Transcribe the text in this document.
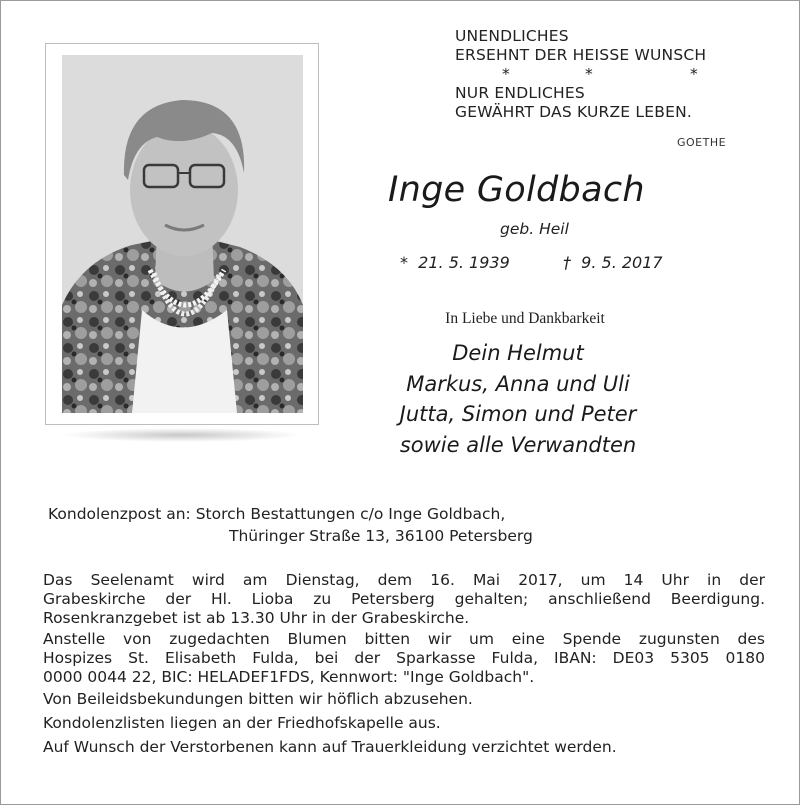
UNENDLICHES
ERSEHNT DER HEISSE WUNSCH
*	*	*
NUR ENDLICHES
GEWÄHRT DAS KURZE LEBEN.
GOETHE
Inge Goldbach
geb. Heil
* 21. 5. 1939	† 9. 5. 2017
In Liebe und Dankbarkeit
Dein Helmut
Markus, Anna und Uli
Jutta, Simon und Peter
sowie alle Verwandten
Kondolenzpost an: Storch Bestattungen c/o Inge Goldbach,
Thüringer Straße 13, 36100 Petersberg
Das Seelenamt wird am Dienstag, dem 16. Mai 2017, um 14 Uhr in der
Grabeskirche der Hl. Lioba zu Petersberg gehalten; anschließend Beerdigung.
Rosenkranzgebet ist ab 13.30 Uhr in der Grabeskirche.
Anstelle von zugedachten Blumen bitten wir um eine Spende zugunsten des
Hospizes St. Elisabeth Fulda, bei der Sparkasse Fulda, IBAN: DE03 5305 0180
0000 0044 22, BIC: HELADEF1FDS, Kennwort: "Inge Goldbach".
Von Beileidsbekundungen bitten wir höflich abzusehen.
Kondolenzlisten liegen an der Friedhofskapelle aus.
Auf Wunsch der Verstorbenen kann auf Trauerkleidung verzichtet werden.
